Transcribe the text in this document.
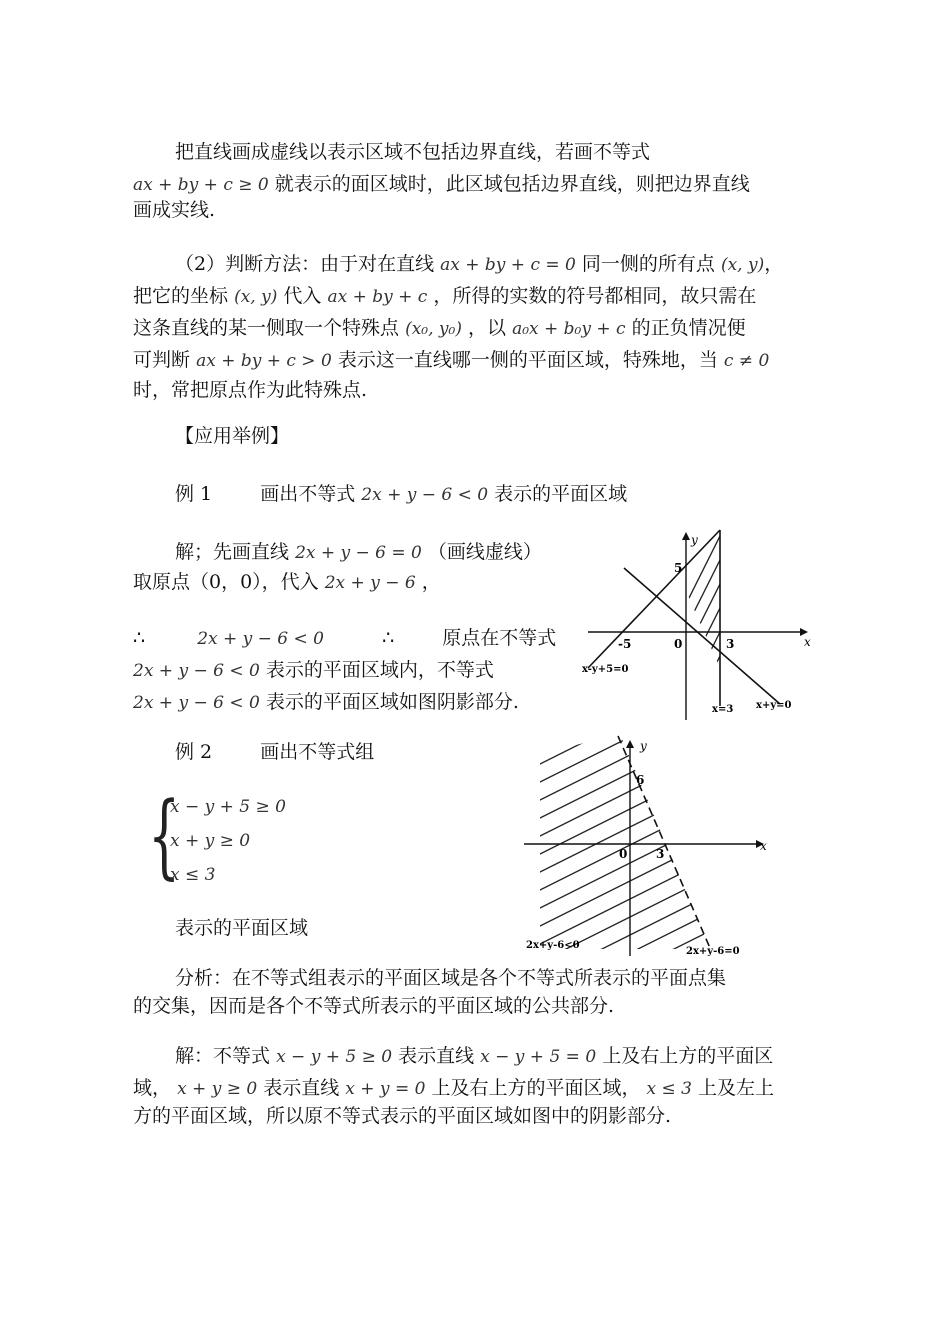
把直线画成虚线以表示区域不包括边界直线，若画不等式
ax + by + c ≥ 0 就表示的面区域时，此区域包括边界直线，则把边界直线
画成实线.
（2）判断方法：由于对在直线 ax + by + c = 0 同一侧的所有点 (x, y)，
把它的坐标 (x, y) 代入 ax + by + c ，所得的实数的符号都相同，故只需在
这条直线的某一侧取一个特殊点 (x₀, y₀) ，以 a₀x + b₀y + c 的正负情况便
可判断 ax + by + c > 0 表示这一直线哪一侧的平面区域，特殊地，当 c ≠ 0
时，常把原点作为此特殊点.
【应用举例】
例 1	画出不等式 2x + y − 6 < 0 表示的平面区域
解；先画直线 2x + y − 6 = 0 （画线虚线）
取原点（0，0），代入 2x + y − 6 ，
∴	2x + y − 6 < 0	∴	原点在不等式
2x + y − 6 < 0 表示的平面区域内，不等式
2x + y − 6 < 0 表示的平面区域如图阴影部分.
y
x
5
-5	0	3
x-y+5=0
x=3 x+y=0
例 2	画出不等式组
{
x − y + 5 ≥ 0
x + y ≥ 0
x ≤ 3
表示的平面区域
y
x
6
0 3
2x+y-6<0
2x+y-6=0
分析：在不等式组表示的平面区域是各个不等式所表示的平面点集
的交集，因而是各个不等式所表示的平面区域的公共部分.
解：不等式 x − y + 5 ≥ 0 表示直线 x − y + 5 = 0 上及右上方的平面区
域， x + y ≥ 0 表示直线 x + y = 0 上及右上方的平面区域， x ≤ 3 上及左上
方的平面区域，所以原不等式表示的平面区域如图中的阴影部分.
